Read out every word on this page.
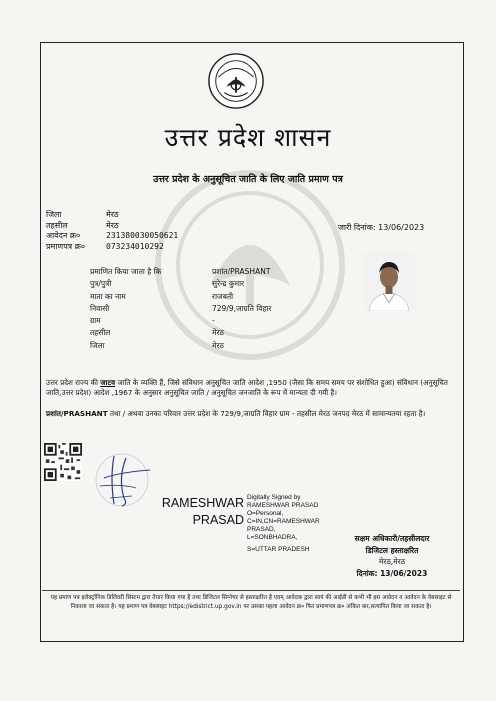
उत्तर प्रदेश शासन
उत्तर प्रदेश के अनुसूचित जाति के लिए जाति प्रमाण पत्र
जिला	मेरठ
तहसील	मेरठ
आवेदन क्र०	231380030050621
प्रमाणपत्र क्र०	073234010292
जारी दिनांक: 13/06/2023
प्रमाणित किया जाता है कि	प्रशांत/PRASHANT
पुत्र/पुत्री	सुरेन्द्र कुमार
माता का नाम	राजबती
निवासी	729/9,जाग्रति विहार
ग्राम	-
तहसील	मेरठ
जिला	मेरठ
उत्तर प्रदेश राज्य की जाटव जाति के व्यक्ति हैं, जिसे संविधान अनुसूचित जाति आदेश ,1950 (जैसा कि समय समय पर संशोधित हुआ) संविधान (अनुसूचित जाति,उत्तर प्रदेश) आदेश ,1967 के अनुसार अनुसूचित जाति / अनुसूचित जनजाति के रूप में मान्यता दी गयी है।
प्रशांत/PRASHANT तथा / अथवा उनका परिवार उत्तर प्रदेश के 729/9,जाग्रति विहार ग्राम - तहसील मेरठ जनपद मेरठ में सामान्यतया रहता है।
RAMESHWAR
PRASAD
Digitally Signed by
RAMESHWAR PRASAD
O=Personal,
C=IN,CN=RAMESHWAR
PRASAD,
L=SONBHADRA,
S=UTTAR PRADESH
सक्षम अधिकारी/तहसीलदार
डिजिटल हस्ताक्षरित
मेरठ,मेरठ
दिनांक: 13/06/2023
यह प्रमाण पत्र इलेक्ट्रॉनिक डिलिवरी सिस्टम द्वारा तैयार किया गया है तथा डिजिटल सिग्नेचर से हस्ताक्षरित है एवम् आवेदक द्वारा स्वयं की आईडी से कभी भी इस आवेदन व आवेदन के वेबसाइट से निकाला जा सकता है। यह प्रमाण पत्र वेबसाइट https://edistrict.up.gov.in पर उसका पहला आवेदन क्र० फिर प्रमाणपत्र क्र० अंकित कर,सत्यापित किया जा सकता है।
